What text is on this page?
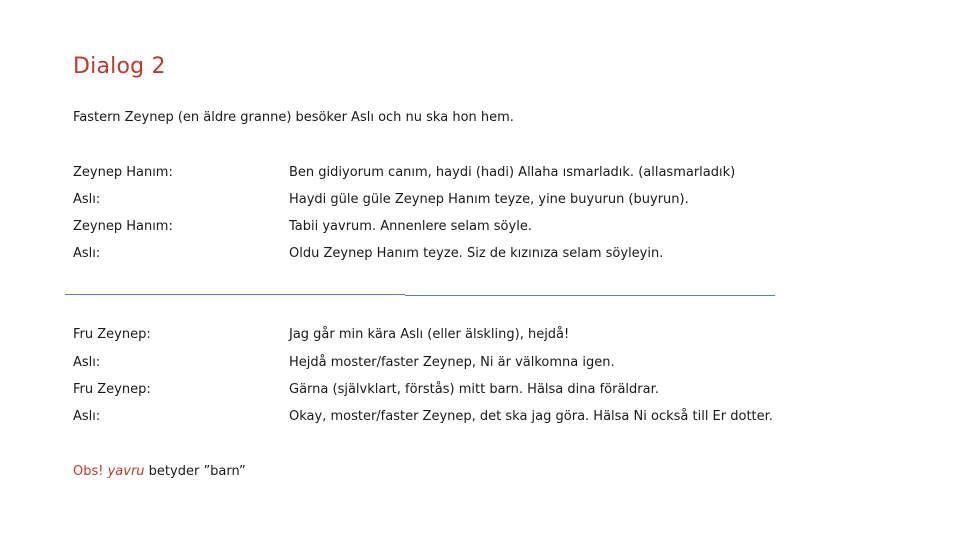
Dialog 2
Fastern Zeynep (en äldre granne) besöker Aslı och nu ska hon hem.
Zeynep Hanım:	Ben gidiyorum canım, haydi (hadi) Allaha ısmarladık. (allasmarladık)
Aslı:	Haydi güle güle Zeynep Hanım teyze, yine buyurun (buyrun).
Zeynep Hanım:	Tabii yavrum. Annenlere selam söyle.
Aslı:	Oldu Zeynep Hanım teyze. Siz de kızınıza selam söyleyin.
Fru Zeynep:	Jag går min kära Aslı (eller älskling), hejdå!
Aslı:	Hejdå moster/faster Zeynep, Ni är välkomna igen.
Fru Zeynep:	Gärna (självklart, förstås) mitt barn. Hälsa dina föräldrar.
Aslı:	Okay, moster/faster Zeynep, det ska jag göra. Hälsa Ni också till Er dotter.
Obs! yavru betyder ”barn”
